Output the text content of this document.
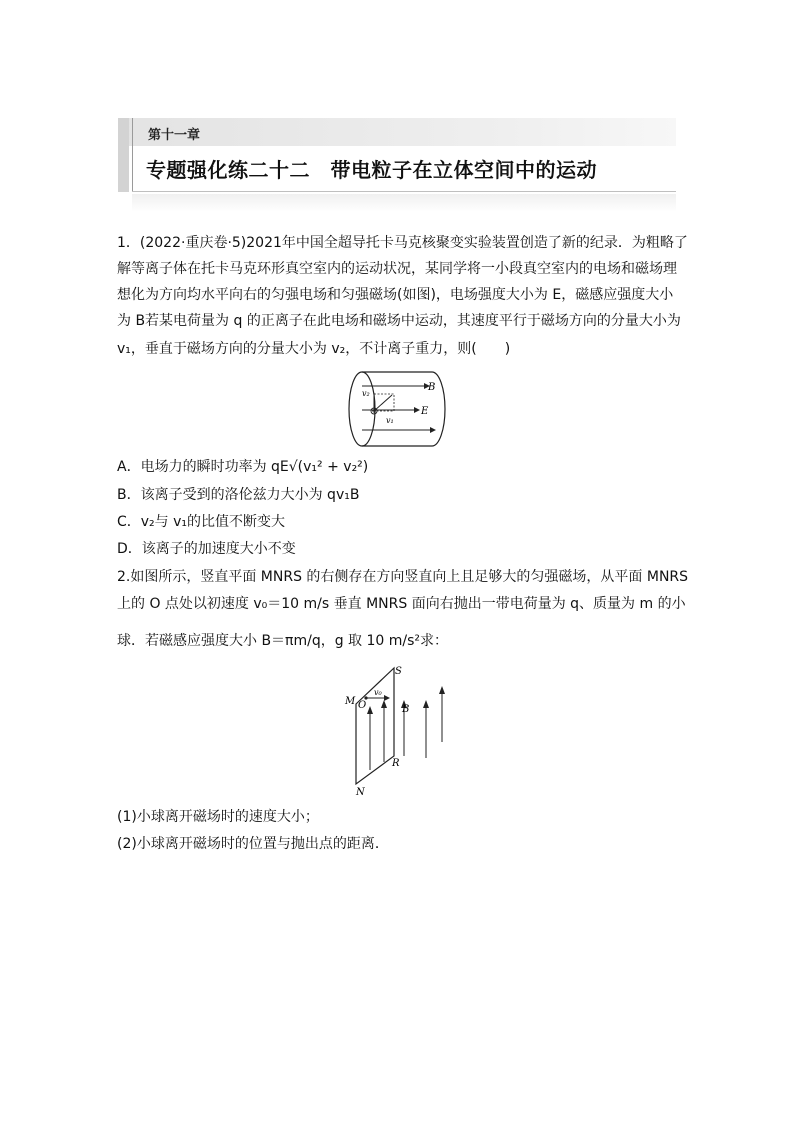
第十一章
专题强化练二十二　带电粒子在立体空间中的运动
1．(2022·重庆卷·5)2021年中国全超导托卡马克核聚变实验装置创造了新的纪录．为粗略了
解等离子体在托卡马克环形真空室内的运动状况，某同学将一小段真空室内的电场和磁场理
想化为方向均水平向右的匀强电场和匀强磁场(如图)，电场强度大小为 E，磁感应强度大小
为 B若某电荷量为 q 的正离子在此电场和磁场中运动，其速度平行于磁场方向的分量大小为
v₁，垂直于磁场方向的分量大小为 v₂，不计离子重力，则(　　)
v₂
v₁
B
E
A．电场力的瞬时功率为 qE√(v₁² + v₂²)
B．该离子受到的洛伦兹力大小为 qv₁B
C．v₂与 v₁的比值不断变大
D．该离子的加速度大小不变
2.如图所示，竖直平面 MNRS 的右侧存在方向竖直向上且足够大的匀强磁场，从平面 MNRS
上的 O 点处以初速度 v₀＝10 m/s 垂直 MNRS 面向右抛出一带电荷量为 q、质量为 m 的小
球．若磁感应强度大小 B＝πm/q，g 取 10 m/s²求：
M O
v₀
S
B
R
N
(1)小球离开磁场时的速度大小；
(2)小球离开磁场时的位置与抛出点的距离．
